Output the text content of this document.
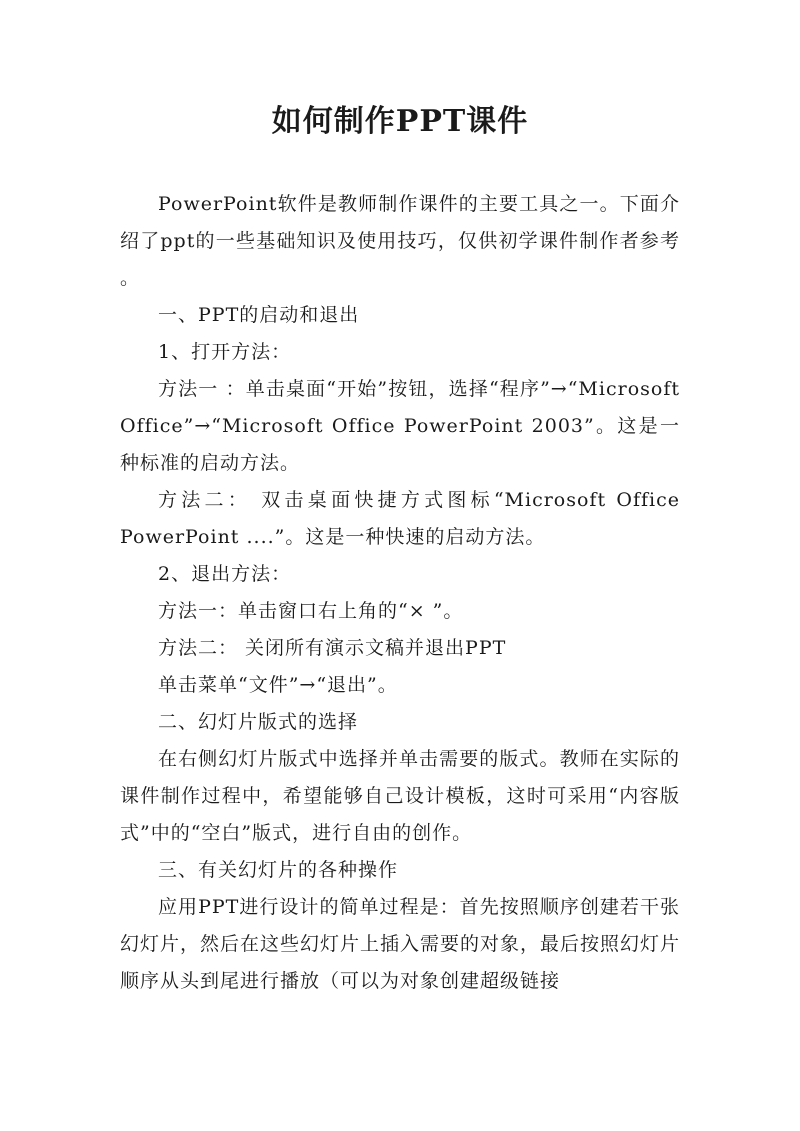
如何制作PPT课件

PowerPoint软件是教师制作课件的主要工具之一。下面介绍了ppt的一些基础知识及使用技巧，仅供初学课件制作者参考 。

一、PPT的启动和退出

1、打开方法：

方法一 ：单击桌面“开始”按钮，选择“程序”→“Microsoft Office”→“Microsoft Office PowerPoint 2003”。这是一种标准的启动方法。

方法二： 双击桌面快捷方式图标“Microsoft Office PowerPoint ....”。这是一种快速的启动方法。

2、退出方法：

方法一：单击窗口右上角的“× ”。

方法二： 关闭所有演示文稿并退出PPT

单击菜单“文件”→“退出”。

二、幻灯片版式的选择

在右侧幻灯片版式中选择并单击需要的版式。教师在实际的课件制作过程中，希望能够自己设计模板，这时可采用“内容版式”中的“空白”版式，进行自由的创作。

三、有关幻灯片的各种操作

应用PPT进行设计的简单过程是：首先按照顺序创建若干张幻灯片，然后在这些幻灯片上插入需要的对象，最后按照幻灯片顺序从头到尾进行播放（可以为对象创建超级链接
